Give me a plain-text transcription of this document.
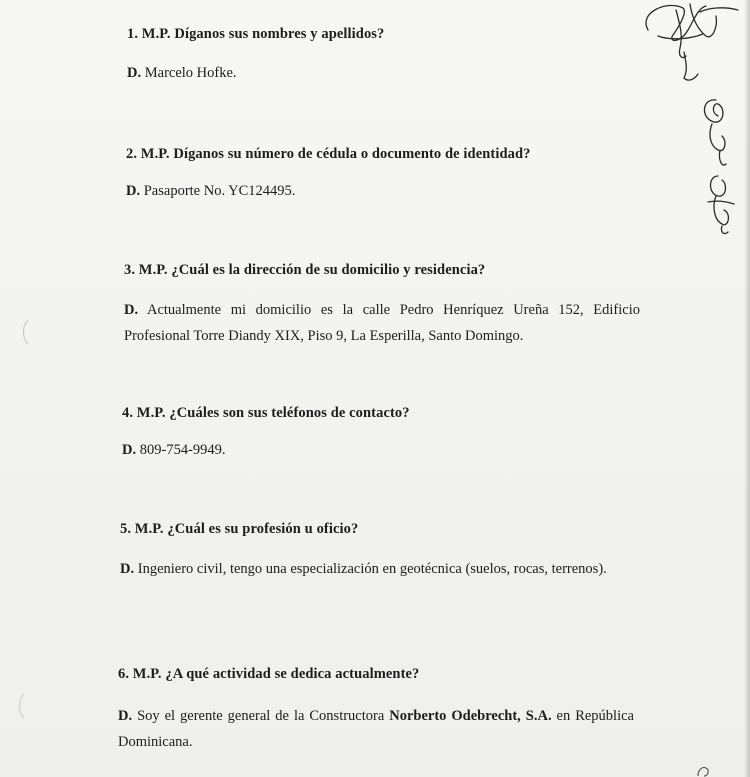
1. M.P. Díganos sus nombres y apellidos?
D. Marcelo Hofke.
2. M.P. Díganos su número de cédula o documento de identidad?
D. Pasaporte No. YC124495.
3. M.P. ¿Cuál es la dirección de su domicilio y residencia?
D. Actualmente mi domicilio es la calle Pedro Henríquez Ureña 152, Edificio Profesional Torre Diandy XIX, Piso 9, La Esperilla, Santo Domingo.
4. M.P. ¿Cuáles son sus teléfonos de contacto?
D. 809-754-9949.
5. M.P. ¿Cuál es su profesión u oficio?
D. Ingeniero civil, tengo una especialización en geotécnica (suelos, rocas, terrenos).
6. M.P. ¿A qué actividad se dedica actualmente?
D. Soy el gerente general de la Constructora Norberto Odebrecht, S.A. en República Dominicana.
